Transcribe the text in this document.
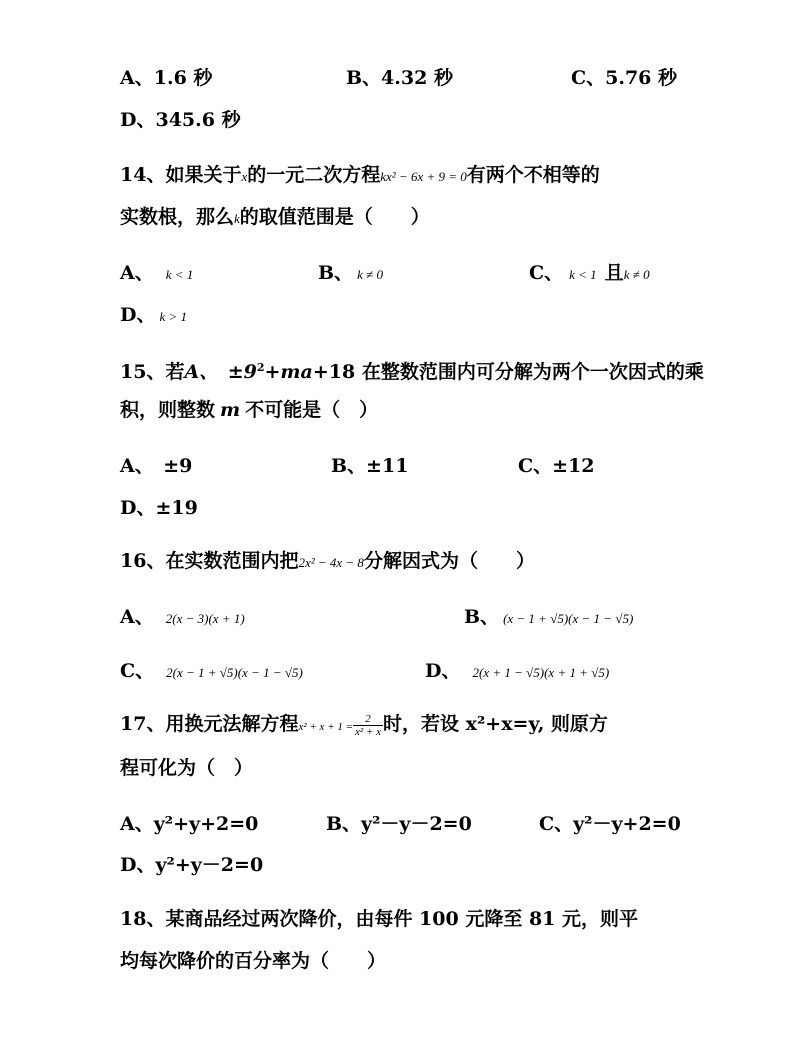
A、1.6 秒	B、4.32 秒	C、5.76 秒
D、345.6 秒
14、如果关于x的一元二次方程kx² − 6x + 9 = 0有两个不相等的
实数根，那么k的取值范围是（　　）
A、 k < 1	B、 k ≠ 0	C、 k < 1 且k ≠ 0
D、 k > 1
15、若A、　$\pm 9^2+ma+18$ 在整数范围内可分解为两个一次因式的乘
积，则整数 m 不可能是（　）
A、　±9	B、±11	C、±12
D、±19
16、在实数范围内把2x² − 4x − 8分解因式为（　　）
A、 2(x − 3)(x + 1)	B、 (x − 1 + √5)(x − 1 − √5)
C、 2(x − 1 + √5)(x − 1 − √5)	D、 2(x + 1 − √5)(x + 1 + √5)
17、用换元法解方程$x^2 + x + 1 = \frac{2}{\text{x² + x}}$ 时，若设 x²+x=y, 则原方
程可化为（　）
A、y²+y+2=0	B、y²－y－2=0	C、y²－y+2=0
D、y²+y－2=0
18、某商品经过两次降价，由每件 100 元降至 81 元，则平
均每次降价的百分率为（　　）
